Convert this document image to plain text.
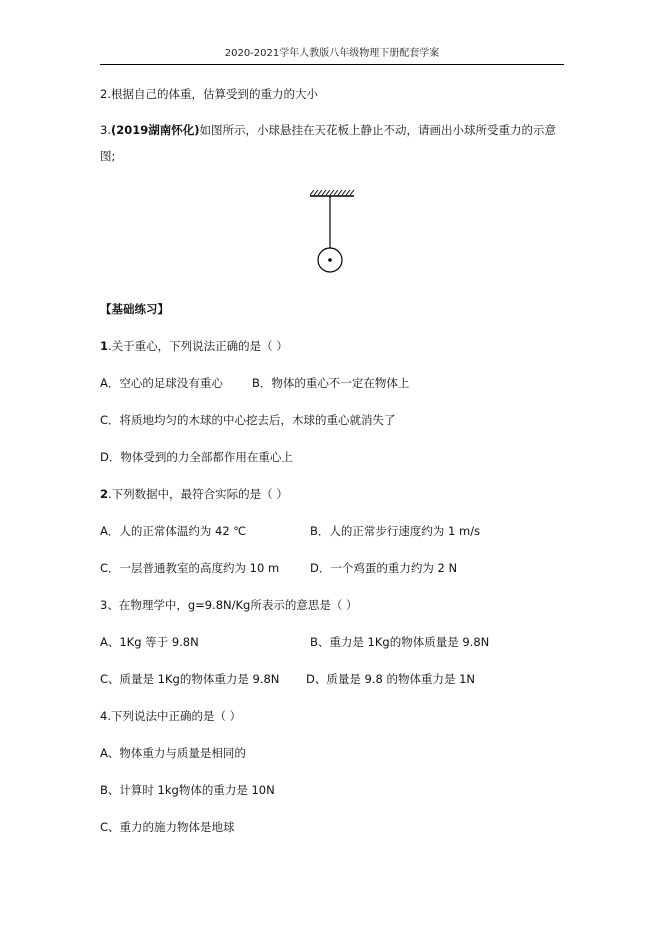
2020-2021学年人教版八年级物理下册配套学案
2.根据自己的体重，估算受到的重力的大小
3.(2019湖南怀化)如图所示，小球悬挂在天花板上静止不动，请画出小球所受重力的示意
图;
【基础练习】
1.关于重心，下列说法正确的是（ ）
A．空心的足球没有重心	B．物体的重心不一定在物体上
C．将质地均匀的木球的中心挖去后，木球的重心就消失了
D．物体受到的力全部都作用在重心上
2.下列数据中，最符合实际的是（ ）
A．人的正常体温约为 42 ℃	B．人的正常步行速度约为 1 m/s
C．一层普通教室的高度约为 10 m	D．一个鸡蛋的重力约为 2 N
3、在物理学中，g=9.8N/Kg所表示的意思是（ ）
A、1Kg 等于 9.8N	B、重力是 1Kg的物体质量是 9.8N
C、质量是 1Kg的物体重力是 9.8N D、质量是 9.8 的物体重力是 1N
4.下列说法中正确的是（ ）
A、物体重力与质量是相同的
B、计算时 1kg物体的重力是 10N
C、重力的施力物体是地球
